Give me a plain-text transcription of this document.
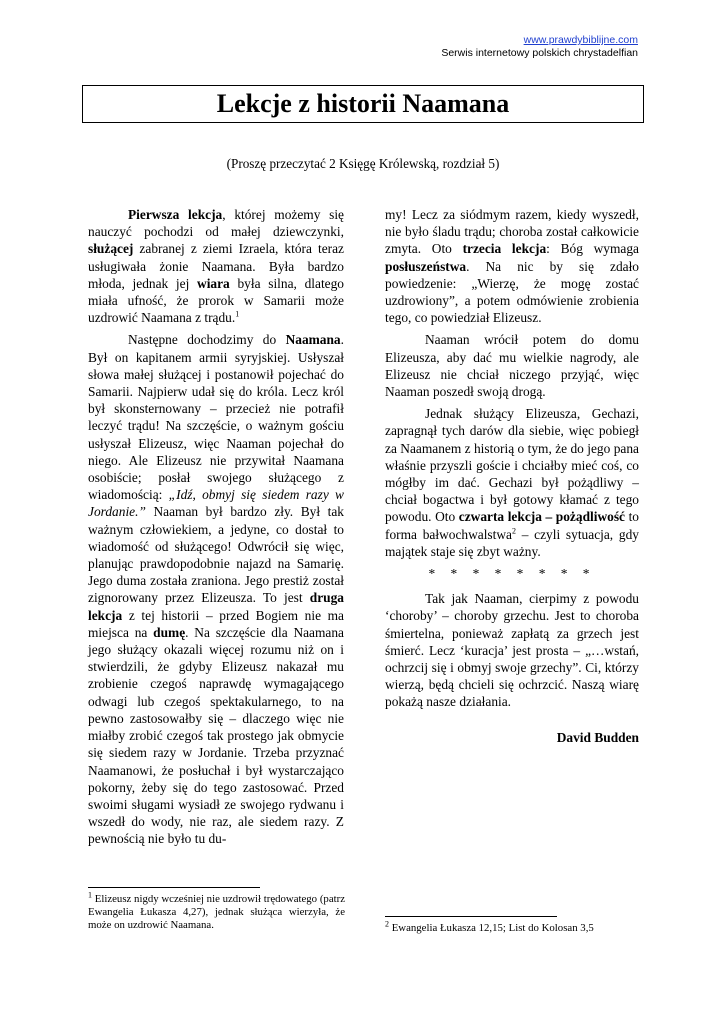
www.prawdybiblijne.com
Serwis internetowy polskich chrystadelfian
Lekcje z historii Naamana
(Proszę przeczytać 2 Księgę Królewską, rozdział 5)

Pierwsza lekcja, której możemy się nauczyć pochodzi od małej dziewczynki, służącej zabranej z ziemi Izraela, która teraz usługiwała żonie Naamana. Była bardzo młoda, jednak jej wiara była silna, dlatego miała ufność, że prorok w Samarii może uzdrowić Naamana z trądu.$^1$

Następne dochodzimy do Naamana. Był on kapitanem armii syryjskiej. Usłyszał słowa małej służącej i postanowił pojechać do Samarii. Najpierw udał się do króla. Lecz król był skonsternowany – przecież nie potrafił leczyć trądu! Na szczęście, o ważnym gościu usłyszał Elizeusz, więc Naaman pojechał do niego. Ale Elizeusz nie przywitał Naamana osobiście; posłał swojego służącego z wiadomością: „Idź, obmyj się siedem razy w Jordanie.” Naaman był bardzo zły. Był tak ważnym człowiekiem, a jedyne, co dostał to wiadomość od służącego! Odwrócił się więc, planując prawdopodobnie najazd na Samarię. Jego duma została zraniona. Jego prestiż został zignorowany przez Elizeusza. To jest druga lekcja z tej historii – przed Bogiem nie ma miejsca na dumę. Na szczęście dla Naamana jego służący okazali więcej rozumu niż on i stwierdzili, że gdyby Elizeusz nakazał mu zrobienie czegoś naprawdę wymagającego odwagi lub czegoś spektakularnego, to na pewno zastosowałby się – dlaczego więc nie miałby zrobić czegoś tak prostego jak obmycie się siedem razy w Jordanie. Trzeba przyznać Naamanowi, że posłuchał i był wystarczająco pokorny, żeby się do tego zastosować. Przed swoimi sługami wysiadł ze swojego rydwanu i wszedł do wody, nie raz, ale siedem razy. Z pewnością nie było tu du-

my! Lecz za siódmym razem, kiedy wyszedł, nie było śladu trądu; choroba został całkowicie zmyta. Oto trzecia lekcja: Bóg wymaga posłuszeństwa. Na nic by się zdało powiedzenie: „Wierzę, że mogę zostać uzdrowiony”, a potem odmówienie zrobienia tego, co powiedział Elizeusz.

Naaman wrócił potem do domu Elizeusza, aby dać mu wielkie nagrody, ale Elizeusz nie chciał niczego przyjąć, więc Naaman poszedł swoją drogą.

Jednak służący Elizeusza, Gechazi, zapragnął tych darów dla siebie, więc pobiegł za Naamanem z historią o tym, że do jego pana właśnie przyszli goście i chciałby mieć coś, co mógłby im dać. Gechazi był pożądliwy – chciał bogactwa i był gotowy kłamać z tego powodu. Oto czwarta lekcja – pożądliwość to forma bałwochwalstwa$^2$ – czyli sytuacja, gdy majątek staje się zbyt ważny.

* * * * * * * *

Tak jak Naaman, cierpimy z powodu ‘choroby’ – choroby grzechu. Jest to choroba śmiertelna, ponieważ zapłatą za grzech jest śmierć. Lecz ‘kuracja’ jest prosta – „…wstań, ochrzcij się i obmyj swoje grzechy”. Ci, którzy wierzą, będą chcieli się ochrzcić. Naszą wiarę pokażą nasze działania.

David Budden
$^1$ Elizeusz nigdy wcześniej nie uzdrowił trędowatego (patrz Ewangelia Łukasza 4,27), jednak służąca wierzyła, że może on uzdrowić Naamana.	$^2$ Ewangelia Łukasza 12,15; List do Kolosan 3,5
